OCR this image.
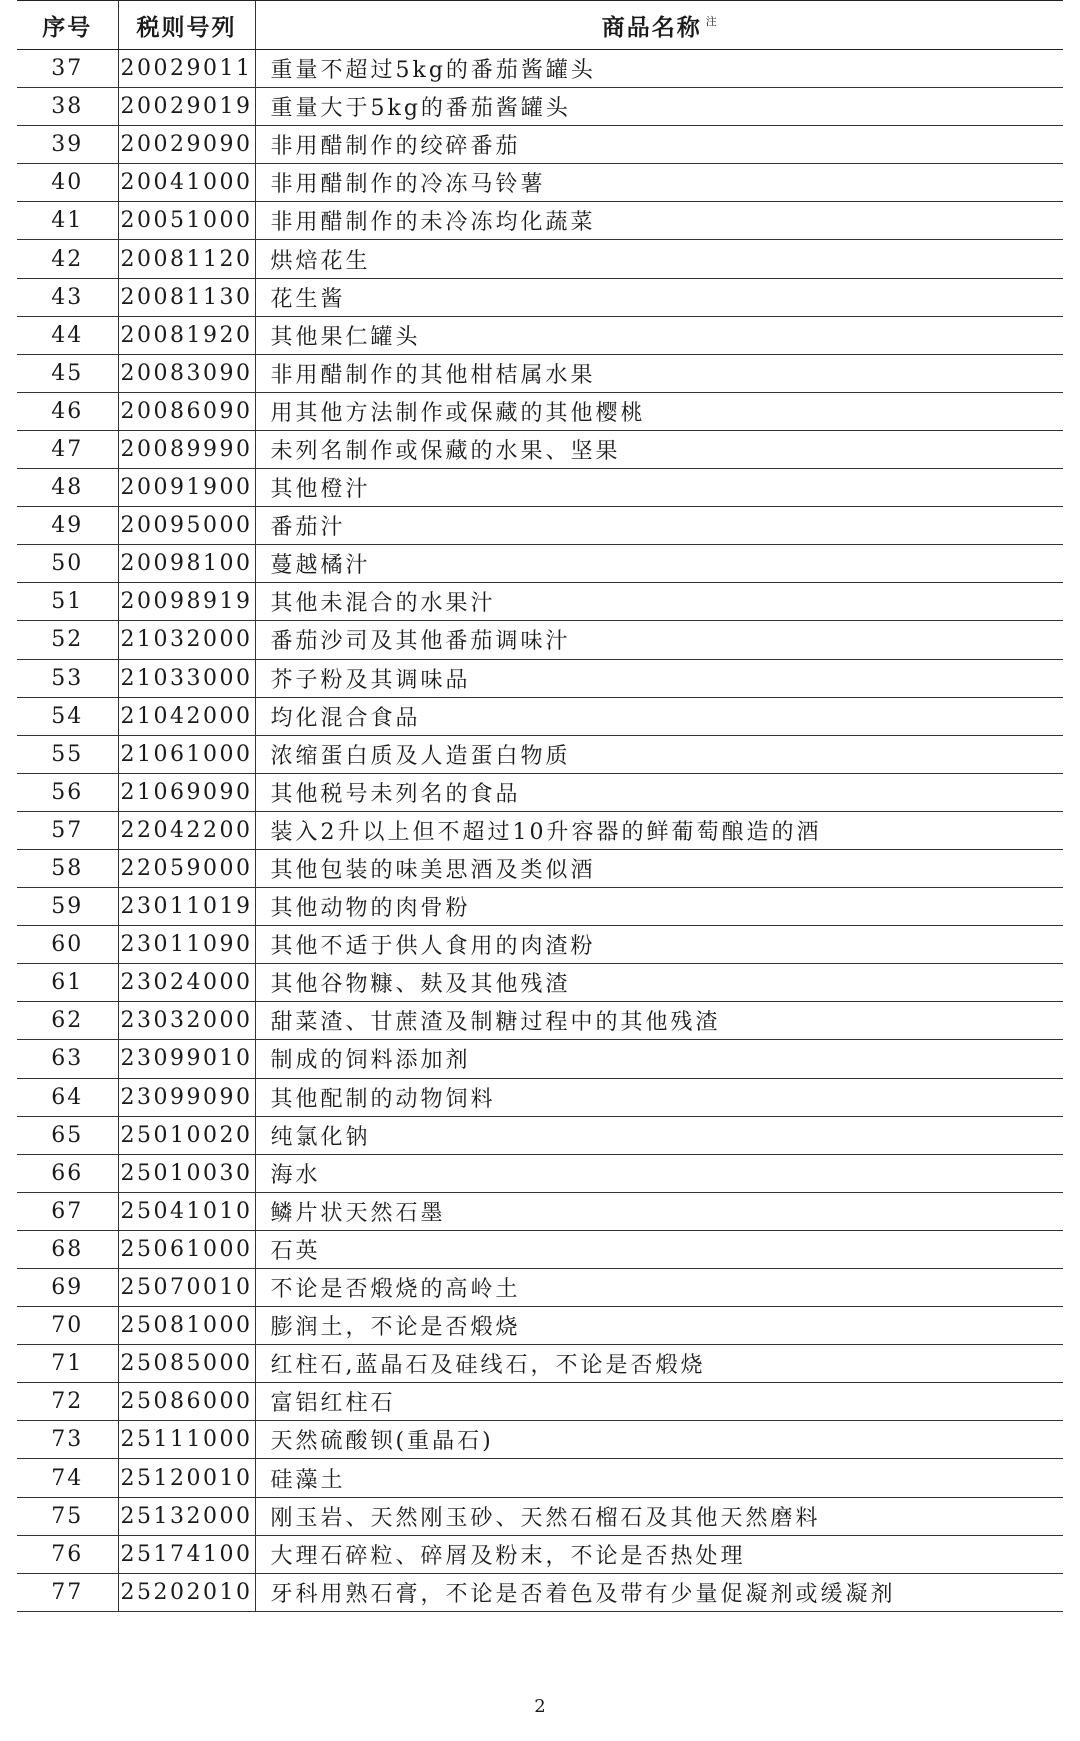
序号	税则号列	商品名称 $^注$
37	20029011	重量不超过5kg的番茄酱罐头
38	20029019	重量大于5kg的番茄酱罐头
39	20029090	非用醋制作的绞碎番茄
40	20041000	非用醋制作的冷冻马铃薯
41	20051000	非用醋制作的未冷冻均化蔬菜
42	20081120	烘焙花生
43	20081130	花生酱
44	20081920	其他果仁罐头
45	20083090	非用醋制作的其他柑桔属水果
46	20086090	用其他方法制作或保藏的其他樱桃
47	20089990	未列名制作或保藏的水果、坚果
48	20091900	其他橙汁
49	20095000	番茄汁
50	20098100	蔓越橘汁
51	20098919	其他未混合的水果汁
52	21032000	番茄沙司及其他番茄调味汁
53	21033000	芥子粉及其调味品
54	21042000	均化混合食品
55	21061000	浓缩蛋白质及人造蛋白物质
56	21069090	其他税号未列名的食品
57	22042200	装入2升以上但不超过10升容器的鲜葡萄酿造的酒
58	22059000	其他包装的味美思酒及类似酒
59	23011019	其他动物的肉骨粉
60	23011090	其他不适于供人食用的肉渣粉
61	23024000	其他谷物糠、麸及其他残渣
62	23032000	甜菜渣、甘蔗渣及制糖过程中的其他残渣
63	23099010	制成的饲料添加剂
64	23099090	其他配制的动物饲料
65	25010020	纯氯化钠
66	25010030	海水
67	25041010	鳞片状天然石墨
68	25061000	石英
69	25070010	不论是否煅烧的高岭土
70	25081000	膨润土，不论是否煅烧
71	25085000	红柱石,蓝晶石及硅线石，不论是否煅烧
72	25086000	富铝红柱石
73	25111000	天然硫酸钡(重晶石)
74	25120010	硅藻土
75	25132000	刚玉岩、天然刚玉砂、天然石榴石及其他天然磨料
76	25174100	大理石碎粒、碎屑及粉末，不论是否热处理
77	25202010	牙科用熟石膏，不论是否着色及带有少量促凝剂或缓凝剂
2
